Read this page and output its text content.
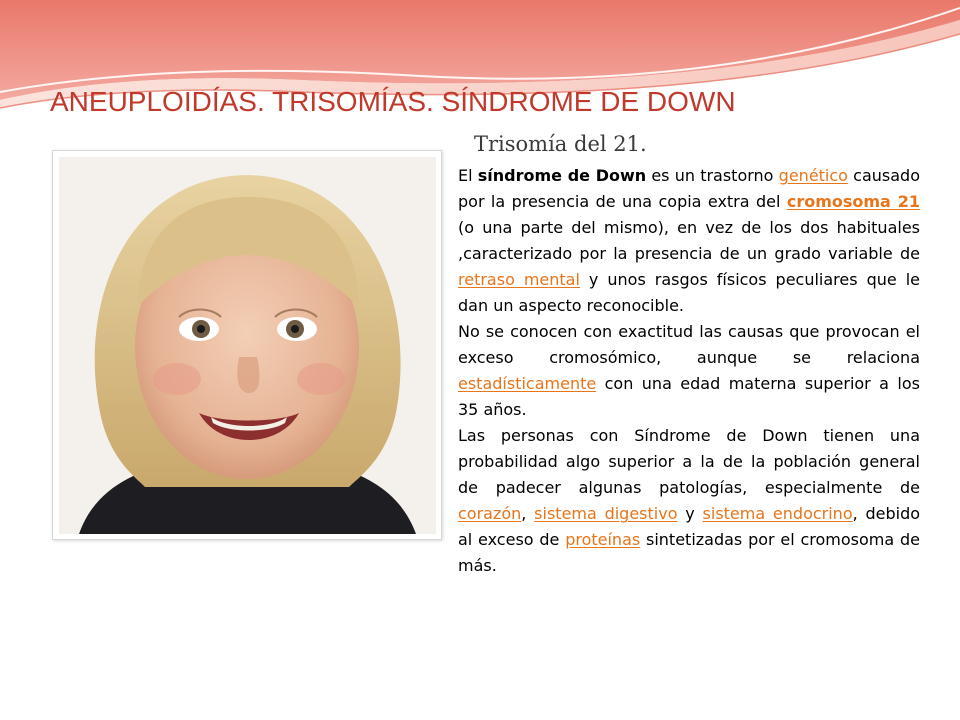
ANEUPLOIDÍAS. TRISOMÍAS. SÍNDROME DE DOWN
Trisomía del 21.

El síndrome de Down es un trastorno genético causado por la presencia de una copia extra del cromosoma 21 (o una parte del mismo), en vez de los dos habituales ,caracterizado por la presencia de un grado variable de retraso mental y unos rasgos físicos peculiares que le dan un aspecto reconocible.

No se conocen con exactitud las causas que provocan el exceso cromosómico, aunque se relaciona estadísticamente con una edad materna superior a los 35 años.

Las personas con Síndrome de Down tienen una probabilidad algo superior a la de la población general de padecer algunas patologías, especialmente de corazón, sistema digestivo y sistema endocrino, debido al exceso de proteínas sintetizadas por el cromosoma de más.
